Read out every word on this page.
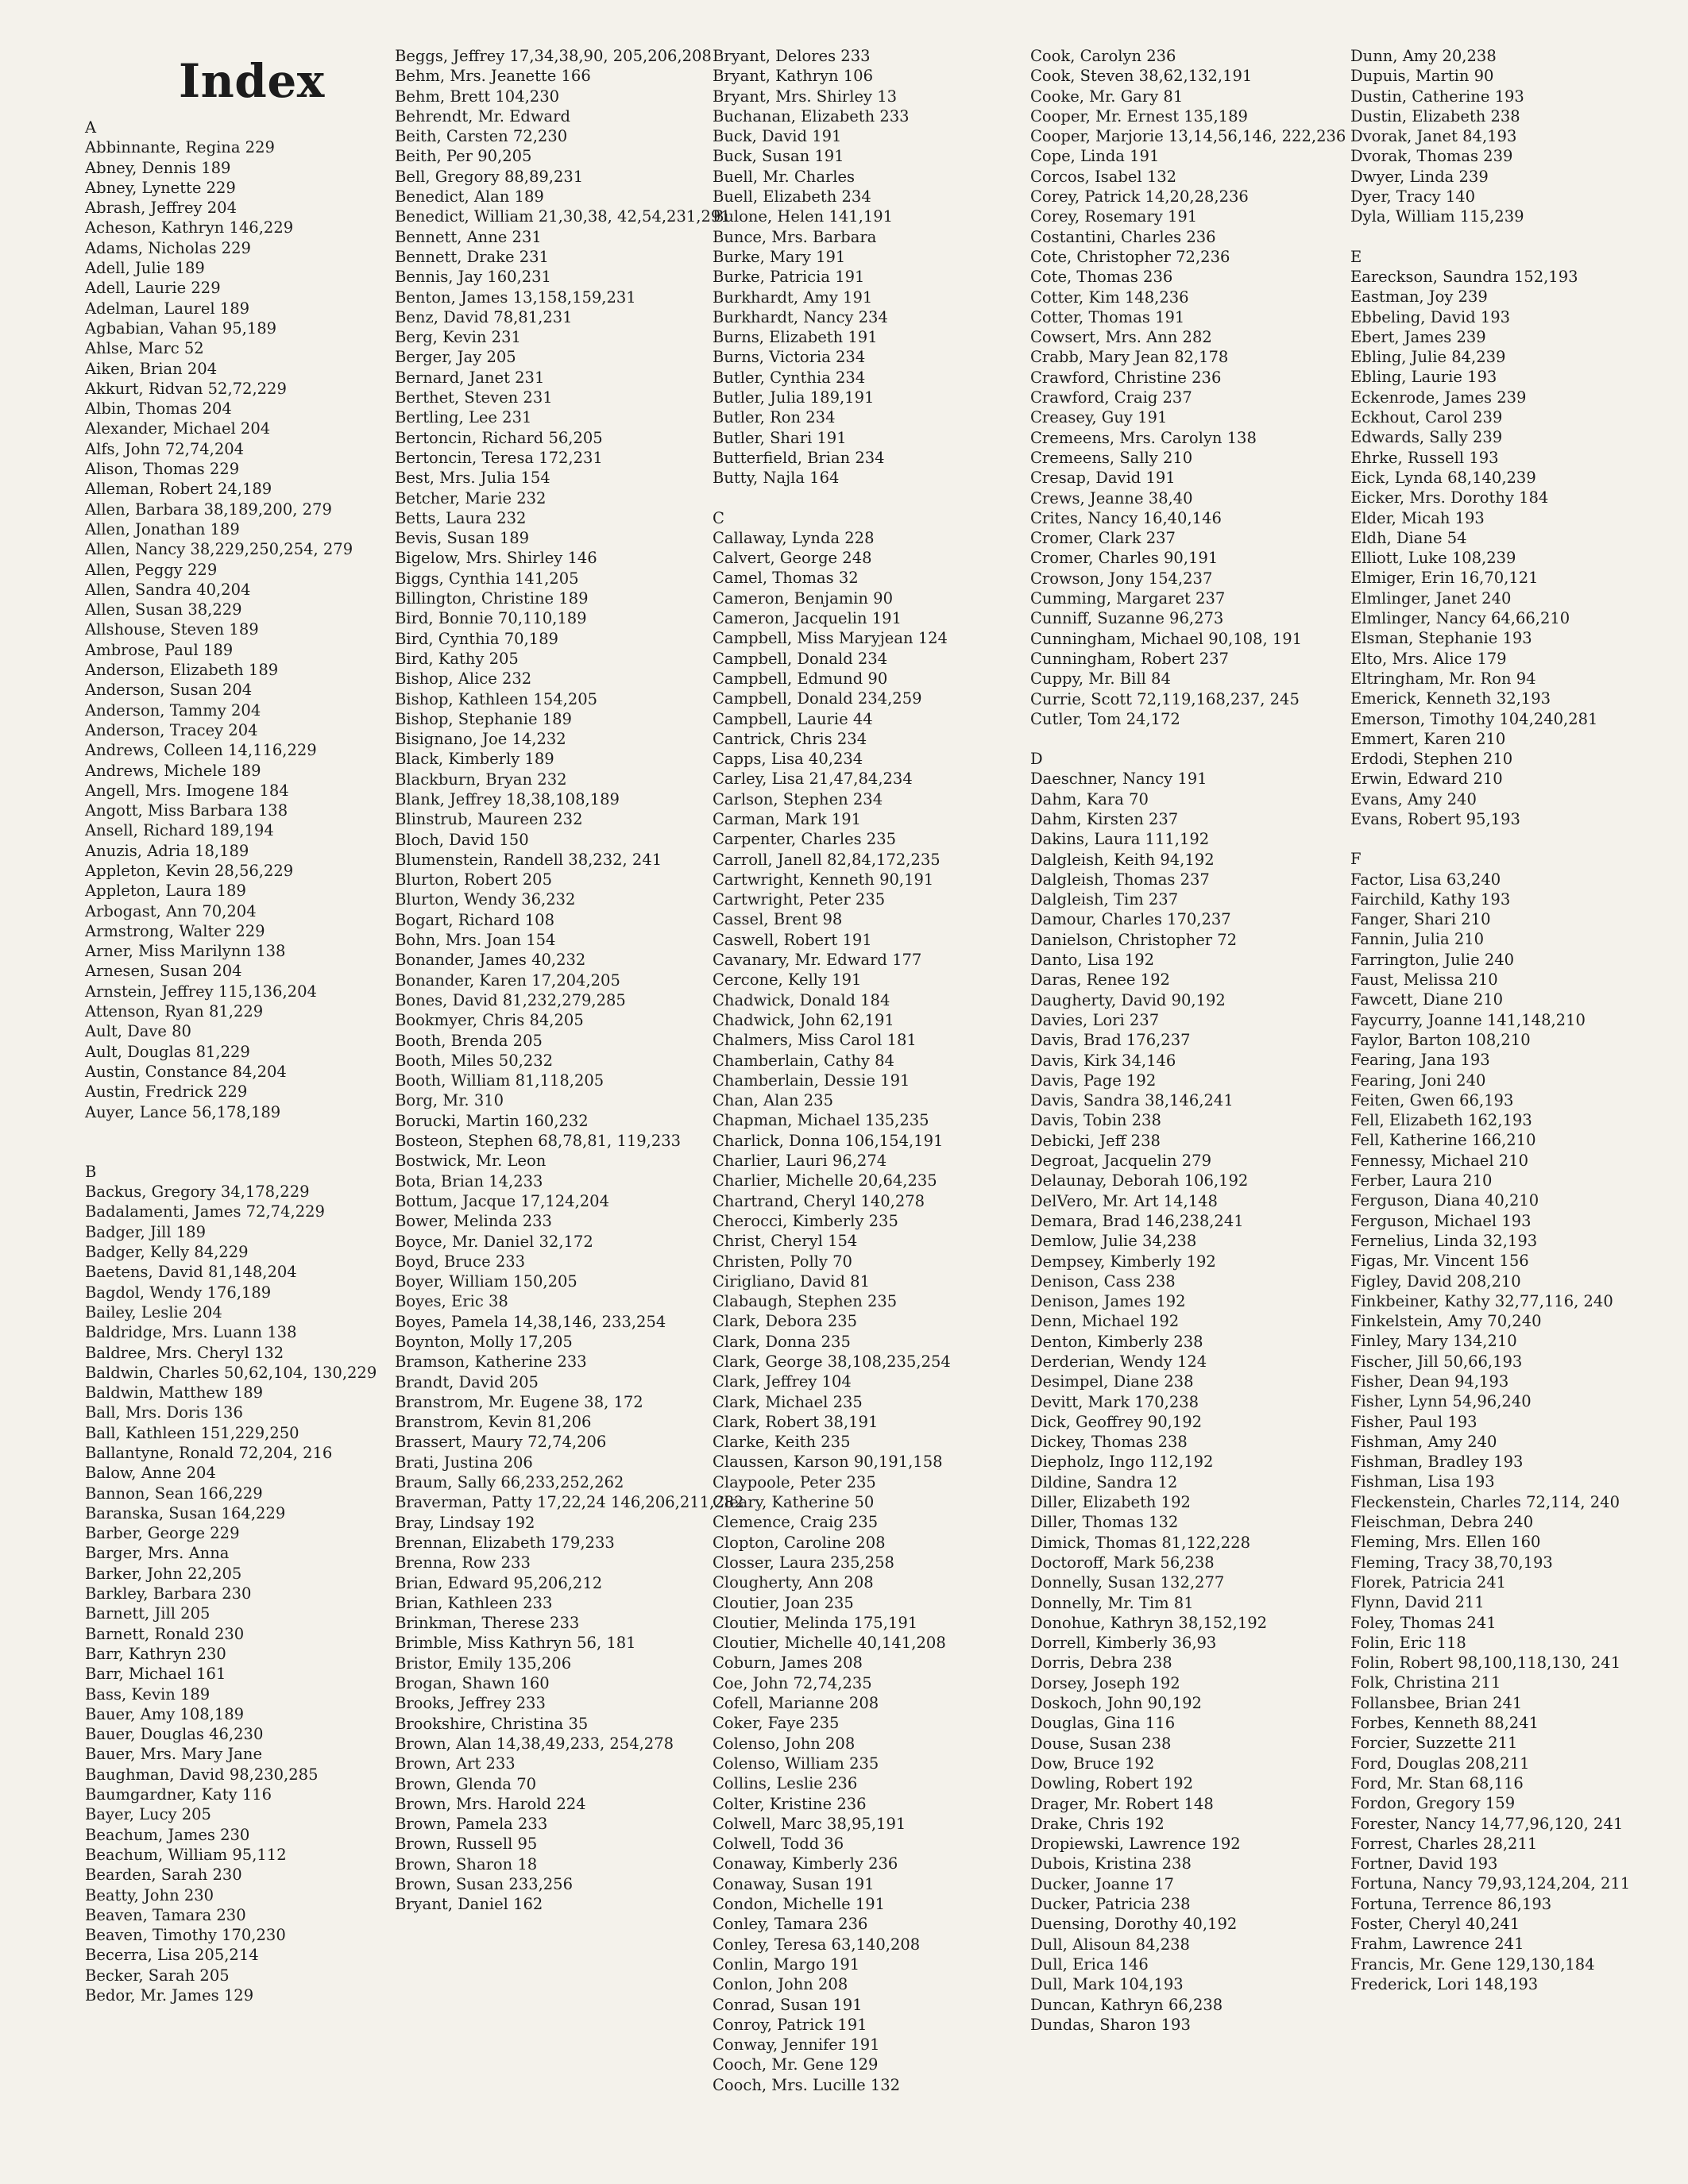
Index
A
Abbinnante, Regina 229
Abney, Dennis 189
Abney, Lynette 229
Abrash, Jeffrey 204
Acheson, Kathryn 146,229
Adams, Nicholas 229
Adell, Julie 189
Adell, Laurie 229
Adelman, Laurel 189
Agbabian, Vahan 95,189
Ahlse, Marc 52
Aiken, Brian 204
Akkurt, Ridvan 52,72,229
Albin, Thomas 204
Alexander, Michael 204
Alfs, John 72,74,204
Alison, Thomas 229
Alleman, Robert 24,189
Allen, Barbara 38,189,200, 279
Allen, Jonathan 189
Allen, Nancy 38,229,250,254, 279
Allen, Peggy 229
Allen, Sandra 40,204
Allen, Susan 38,229
Allshouse, Steven 189
Ambrose, Paul 189
Anderson, Elizabeth 189
Anderson, Susan 204
Anderson, Tammy 204
Anderson, Tracey 204
Andrews, Colleen 14,116,229
Andrews, Michele 189
Angell, Mrs. Imogene 184
Angott, Miss Barbara 138
Ansell, Richard 189,194
Anuzis, Adria 18,189
Appleton, Kevin 28,56,229
Appleton, Laura 189
Arbogast, Ann 70,204
Armstrong, Walter 229
Arner, Miss Marilynn 138
Arnesen, Susan 204
Arnstein, Jeffrey 115,136,204
Attenson, Ryan 81,229
Ault, Dave 80
Ault, Douglas 81,229
Austin, Constance 84,204
Austin, Fredrick 229
Auyer, Lance 56,178,189
B
Backus, Gregory 34,178,229
Badalamenti, James 72,74,229
Badger, Jill 189
Badger, Kelly 84,229
Baetens, David 81,148,204
Bagdol, Wendy 176,189
Bailey, Leslie 204
Baldridge, Mrs. Luann 138
Baldree, Mrs. Cheryl 132
Baldwin, Charles 50,62,104, 130,229
Baldwin, Matthew 189
Ball, Mrs. Doris 136
Ball, Kathleen 151,229,250
Ballantyne, Ronald 72,204, 216
Balow, Anne 204
Bannon, Sean 166,229
Baranska, Susan 164,229
Barber, George 229
Barger, Mrs. Anna
Barker, John 22,205
Barkley, Barbara 230
Barnett, Jill 205
Barnett, Ronald 230
Barr, Kathryn 230
Barr, Michael 161
Bass, Kevin 189
Bauer, Amy 108,189
Bauer, Douglas 46,230
Bauer, Mrs. Mary Jane
Baughman, David 98,230,285
Baumgardner, Katy 116
Bayer, Lucy 205
Beachum, James 230
Beachum, William 95,112
Bearden, Sarah 230
Beatty, John 230
Beaven, Tamara 230
Beaven, Timothy 170,230
Becerra, Lisa 205,214
Becker, Sarah 205
Bedor, Mr. James 129
Beggs, Jeffrey 17,34,38,90, 205,206,208
Behm, Mrs. Jeanette 166
Behm, Brett 104,230
Behrendt, Mr. Edward
Beith, Carsten 72,230
Beith, Per 90,205
Bell, Gregory 88,89,231
Benedict, Alan 189
Benedict, William 21,30,38, 42,54,231,291
Bennett, Anne 231
Bennett, Drake 231
Bennis, Jay 160,231
Benton, James 13,158,159,231
Benz, David 78,81,231
Berg, Kevin 231
Berger, Jay 205
Bernard, Janet 231
Berthet, Steven 231
Bertling, Lee 231
Bertoncin, Richard 56,205
Bertoncin, Teresa 172,231
Best, Mrs. Julia 154
Betcher, Marie 232
Betts, Laura 232
Bevis, Susan 189
Bigelow, Mrs. Shirley 146
Biggs, Cynthia 141,205
Billington, Christine 189
Bird, Bonnie 70,110,189
Bird, Cynthia 70,189
Bird, Kathy 205
Bishop, Alice 232
Bishop, Kathleen 154,205
Bishop, Stephanie 189
Bisignano, Joe 14,232
Black, Kimberly 189
Blackburn, Bryan 232
Blank, Jeffrey 18,38,108,189
Blinstrub, Maureen 232
Bloch, David 150
Blumenstein, Randell 38,232, 241
Blurton, Robert 205
Blurton, Wendy 36,232
Bogart, Richard 108
Bohn, Mrs. Joan 154
Bonander, James 40,232
Bonander, Karen 17,204,205
Bones, David 81,232,279,285
Bookmyer, Chris 84,205
Booth, Brenda 205
Booth, Miles 50,232
Booth, William 81,118,205
Borg, Mr. 310
Borucki, Martin 160,232
Bosteon, Stephen 68,78,81, 119,233
Bostwick, Mr. Leon
Bota, Brian 14,233
Bottum, Jacque 17,124,204
Bower, Melinda 233
Boyce, Mr. Daniel 32,172
Boyd, Bruce 233
Boyer, William 150,205
Boyes, Eric 38
Boyes, Pamela 14,38,146, 233,254
Boynton, Molly 17,205
Bramson, Katherine 233
Brandt, David 205
Branstrom, Mr. Eugene 38, 172
Branstrom, Kevin 81,206
Brassert, Maury 72,74,206
Brati, Justina 206
Braum, Sally 66,233,252,262
Braverman, Patty 17,22,24 146,206,211,282
Bray, Lindsay 192
Brennan, Elizabeth 179,233
Brenna, Row 233
Brian, Edward 95,206,212
Brian, Kathleen 233
Brinkman, Therese 233
Brimble, Miss Kathryn 56, 181
Bristor, Emily 135,206
Brogan, Shawn 160
Brooks, Jeffrey 233
Brookshire, Christina 35
Brown, Alan 14,38,49,233, 254,278
Brown, Art 233
Brown, Glenda 70
Brown, Mrs. Harold 224
Brown, Pamela 233
Brown, Russell 95
Brown, Sharon 18
Brown, Susan 233,256
Bryant, Daniel 162
Bryant, Delores 233
Bryant, Kathryn 106
Bryant, Mrs. Shirley 13
Buchanan, Elizabeth 233
Buck, David 191
Buck, Susan 191
Buell, Mr. Charles
Buell, Elizabeth 234
Bulone, Helen 141,191
Bunce, Mrs. Barbara
Burke, Mary 191
Burke, Patricia 191
Burkhardt, Amy 191
Burkhardt, Nancy 234
Burns, Elizabeth 191
Burns, Victoria 234
Butler, Cynthia 234
Butler, Julia 189,191
Butler, Ron 234
Butler, Shari 191
Butterfield, Brian 234
Butty, Najla 164
C
Callaway, Lynda 228
Calvert, George 248
Camel, Thomas 32
Cameron, Benjamin 90
Cameron, Jacquelin 191
Campbell, Miss Maryjean 124
Campbell, Donald 234
Campbell, Edmund 90
Campbell, Donald 234,259
Campbell, Laurie 44
Cantrick, Chris 234
Capps, Lisa 40,234
Carley, Lisa 21,47,84,234
Carlson, Stephen 234
Carman, Mark 191
Carpenter, Charles 235
Carroll, Janell 82,84,172,235
Cartwright, Kenneth 90,191
Cartwright, Peter 235
Cassel, Brent 98
Caswell, Robert 191
Cavanary, Mr. Edward 177
Cercone, Kelly 191
Chadwick, Donald 184
Chadwick, John 62,191
Chalmers, Miss Carol 181
Chamberlain, Cathy 84
Chamberlain, Dessie 191
Chan, Alan 235
Chapman, Michael 135,235
Charlick, Donna 106,154,191
Charlier, Lauri 96,274
Charlier, Michelle 20,64,235
Chartrand, Cheryl 140,278
Cherocci, Kimberly 235
Christ, Cheryl 154
Christen, Polly 70
Cirigliano, David 81
Clabaugh, Stephen 235
Clark, Debora 235
Clark, Donna 235
Clark, George 38,108,235,254
Clark, Jeffrey 104
Clark, Michael 235
Clark, Robert 38,191
Clarke, Keith 235
Claussen, Karson 90,191,158
Claypoole, Peter 235
Cleary, Katherine 50
Clemence, Craig 235
Clopton, Caroline 208
Closser, Laura 235,258
Clougherty, Ann 208
Cloutier, Joan 235
Cloutier, Melinda 175,191
Cloutier, Michelle 40,141,208
Coburn, James 208
Coe, John 72,74,235
Cofell, Marianne 208
Coker, Faye 235
Colenso, John 208
Colenso, William 235
Collins, Leslie 236
Colter, Kristine 236
Colwell, Marc 38,95,191
Colwell, Todd 36
Conaway, Kimberly 236
Conaway, Susan 191
Condon, Michelle 191
Conley, Tamara 236
Conley, Teresa 63,140,208
Conlin, Margo 191
Conlon, John 208
Conrad, Susan 191
Conroy, Patrick 191
Conway, Jennifer 191
Cooch, Mr. Gene 129
Cooch, Mrs. Lucille 132
Cook, Carolyn 236
Cook, Steven 38,62,132,191
Cooke, Mr. Gary 81
Cooper, Mr. Ernest 135,189
Cooper, Marjorie 13,14,56,146, 222,236
Cope, Linda 191
Corcos, Isabel 132
Corey, Patrick 14,20,28,236
Corey, Rosemary 191
Costantini, Charles 236
Cote, Christopher 72,236
Cote, Thomas 236
Cotter, Kim 148,236
Cotter, Thomas 191
Cowsert, Mrs. Ann 282
Crabb, Mary Jean 82,178
Crawford, Christine 236
Crawford, Craig 237
Creasey, Guy 191
Cremeens, Mrs. Carolyn 138
Cremeens, Sally 210
Cresap, David 191
Crews, Jeanne 38,40
Crites, Nancy 16,40,146
Cromer, Clark 237
Cromer, Charles 90,191
Crowson, Jony 154,237
Cumming, Margaret 237
Cunniff, Suzanne 96,273
Cunningham, Michael 90,108, 191
Cunningham, Robert 237
Cuppy, Mr. Bill 84
Currie, Scott 72,119,168,237, 245
Cutler, Tom 24,172
D
Daeschner, Nancy 191
Dahm, Kara 70
Dahm, Kirsten 237
Dakins, Laura 111,192
Dalgleish, Keith 94,192
Dalgleish, Thomas 237
Dalgleish, Tim 237
Damour, Charles 170,237
Danielson, Christopher 72
Danto, Lisa 192
Daras, Renee 192
Daugherty, David 90,192
Davies, Lori 237
Davis, Brad 176,237
Davis, Kirk 34,146
Davis, Page 192
Davis, Sandra 38,146,241
Davis, Tobin 238
Debicki, Jeff 238
Degroat, Jacquelin 279
Delaunay, Deborah 106,192
DelVero, Mr. Art 14,148
Demara, Brad 146,238,241
Demlow, Julie 34,238
Dempsey, Kimberly 192
Denison, Cass 238
Denison, James 192
Denn, Michael 192
Denton, Kimberly 238
Derderian, Wendy 124
Desimpel, Diane 238
Devitt, Mark 170,238
Dick, Geoffrey 90,192
Dickey, Thomas 238
Diepholz, Ingo 112,192
Dildine, Sandra 12
Diller, Elizabeth 192
Diller, Thomas 132
Dimick, Thomas 81,122,228
Doctoroff, Mark 56,238
Donnelly, Susan 132,277
Donnelly, Mr. Tim 81
Donohue, Kathryn 38,152,192
Dorrell, Kimberly 36,93
Dorris, Debra 238
Dorsey, Joseph 192
Doskoch, John 90,192
Douglas, Gina 116
Douse, Susan 238
Dow, Bruce 192
Dowling, Robert 192
Drager, Mr. Robert 148
Drake, Chris 192
Dropiewski, Lawrence 192
Dubois, Kristina 238
Ducker, Joanne 17
Ducker, Patricia 238
Duensing, Dorothy 40,192
Dull, Alisoun 84,238
Dull, Erica 146
Dull, Mark 104,193
Duncan, Kathryn 66,238
Dundas, Sharon 193
Dunn, Amy 20,238
Dupuis, Martin 90
Dustin, Catherine 193
Dustin, Elizabeth 238
Dvorak, Janet 84,193
Dvorak, Thomas 239
Dwyer, Linda 239
Dyer, Tracy 140
Dyla, William 115,239
E
Eareckson, Saundra 152,193
Eastman, Joy 239
Ebbeling, David 193
Ebert, James 239
Ebling, Julie 84,239
Ebling, Laurie 193
Eckenrode, James 239
Eckhout, Carol 239
Edwards, Sally 239
Ehrke, Russell 193
Eick, Lynda 68,140,239
Eicker, Mrs. Dorothy 184
Elder, Micah 193
Eldh, Diane 54
Elliott, Luke 108,239
Elmiger, Erin 16,70,121
Elmlinger, Janet 240
Elmlinger, Nancy 64,66,210
Elsman, Stephanie 193
Elto, Mrs. Alice 179
Eltringham, Mr. Ron 94
Emerick, Kenneth 32,193
Emerson, Timothy 104,240,281
Emmert, Karen 210
Erdodi, Stephen 210
Erwin, Edward 210
Evans, Amy 240
Evans, Robert 95,193
F
Factor, Lisa 63,240
Fairchild, Kathy 193
Fanger, Shari 210
Fannin, Julia 210
Farrington, Julie 240
Faust, Melissa 210
Fawcett, Diane 210
Faycurry, Joanne 141,148,210
Faylor, Barton 108,210
Fearing, Jana 193
Fearing, Joni 240
Feiten, Gwen 66,193
Fell, Elizabeth 162,193
Fell, Katherine 166,210
Fennessy, Michael 210
Ferber, Laura 210
Ferguson, Diana 40,210
Ferguson, Michael 193
Fernelius, Linda 32,193
Figas, Mr. Vincent 156
Figley, David 208,210
Finkbeiner, Kathy 32,77,116, 240
Finkelstein, Amy 70,240
Finley, Mary 134,210
Fischer, Jill 50,66,193
Fisher, Dean 94,193
Fisher, Lynn 54,96,240
Fisher, Paul 193
Fishman, Amy 240
Fishman, Bradley 193
Fishman, Lisa 193
Fleckenstein, Charles 72,114, 240
Fleischman, Debra 240
Fleming, Mrs. Ellen 160
Fleming, Tracy 38,70,193
Florek, Patricia 241
Flynn, David 211
Foley, Thomas 241
Folin, Eric 118
Folin, Robert 98,100,118,130, 241
Folk, Christina 211
Follansbee, Brian 241
Forbes, Kenneth 88,241
Forcier, Suzzette 211
Ford, Douglas 208,211
Ford, Mr. Stan 68,116
Fordon, Gregory 159
Forester, Nancy 14,77,96,120, 241
Forrest, Charles 28,211
Fortner, David 193
Fortuna, Nancy 79,93,124,204, 211
Fortuna, Terrence 86,193
Foster, Cheryl 40,241
Frahm, Lawrence 241
Francis, Mr. Gene 129,130,184
Frederick, Lori 148,193
